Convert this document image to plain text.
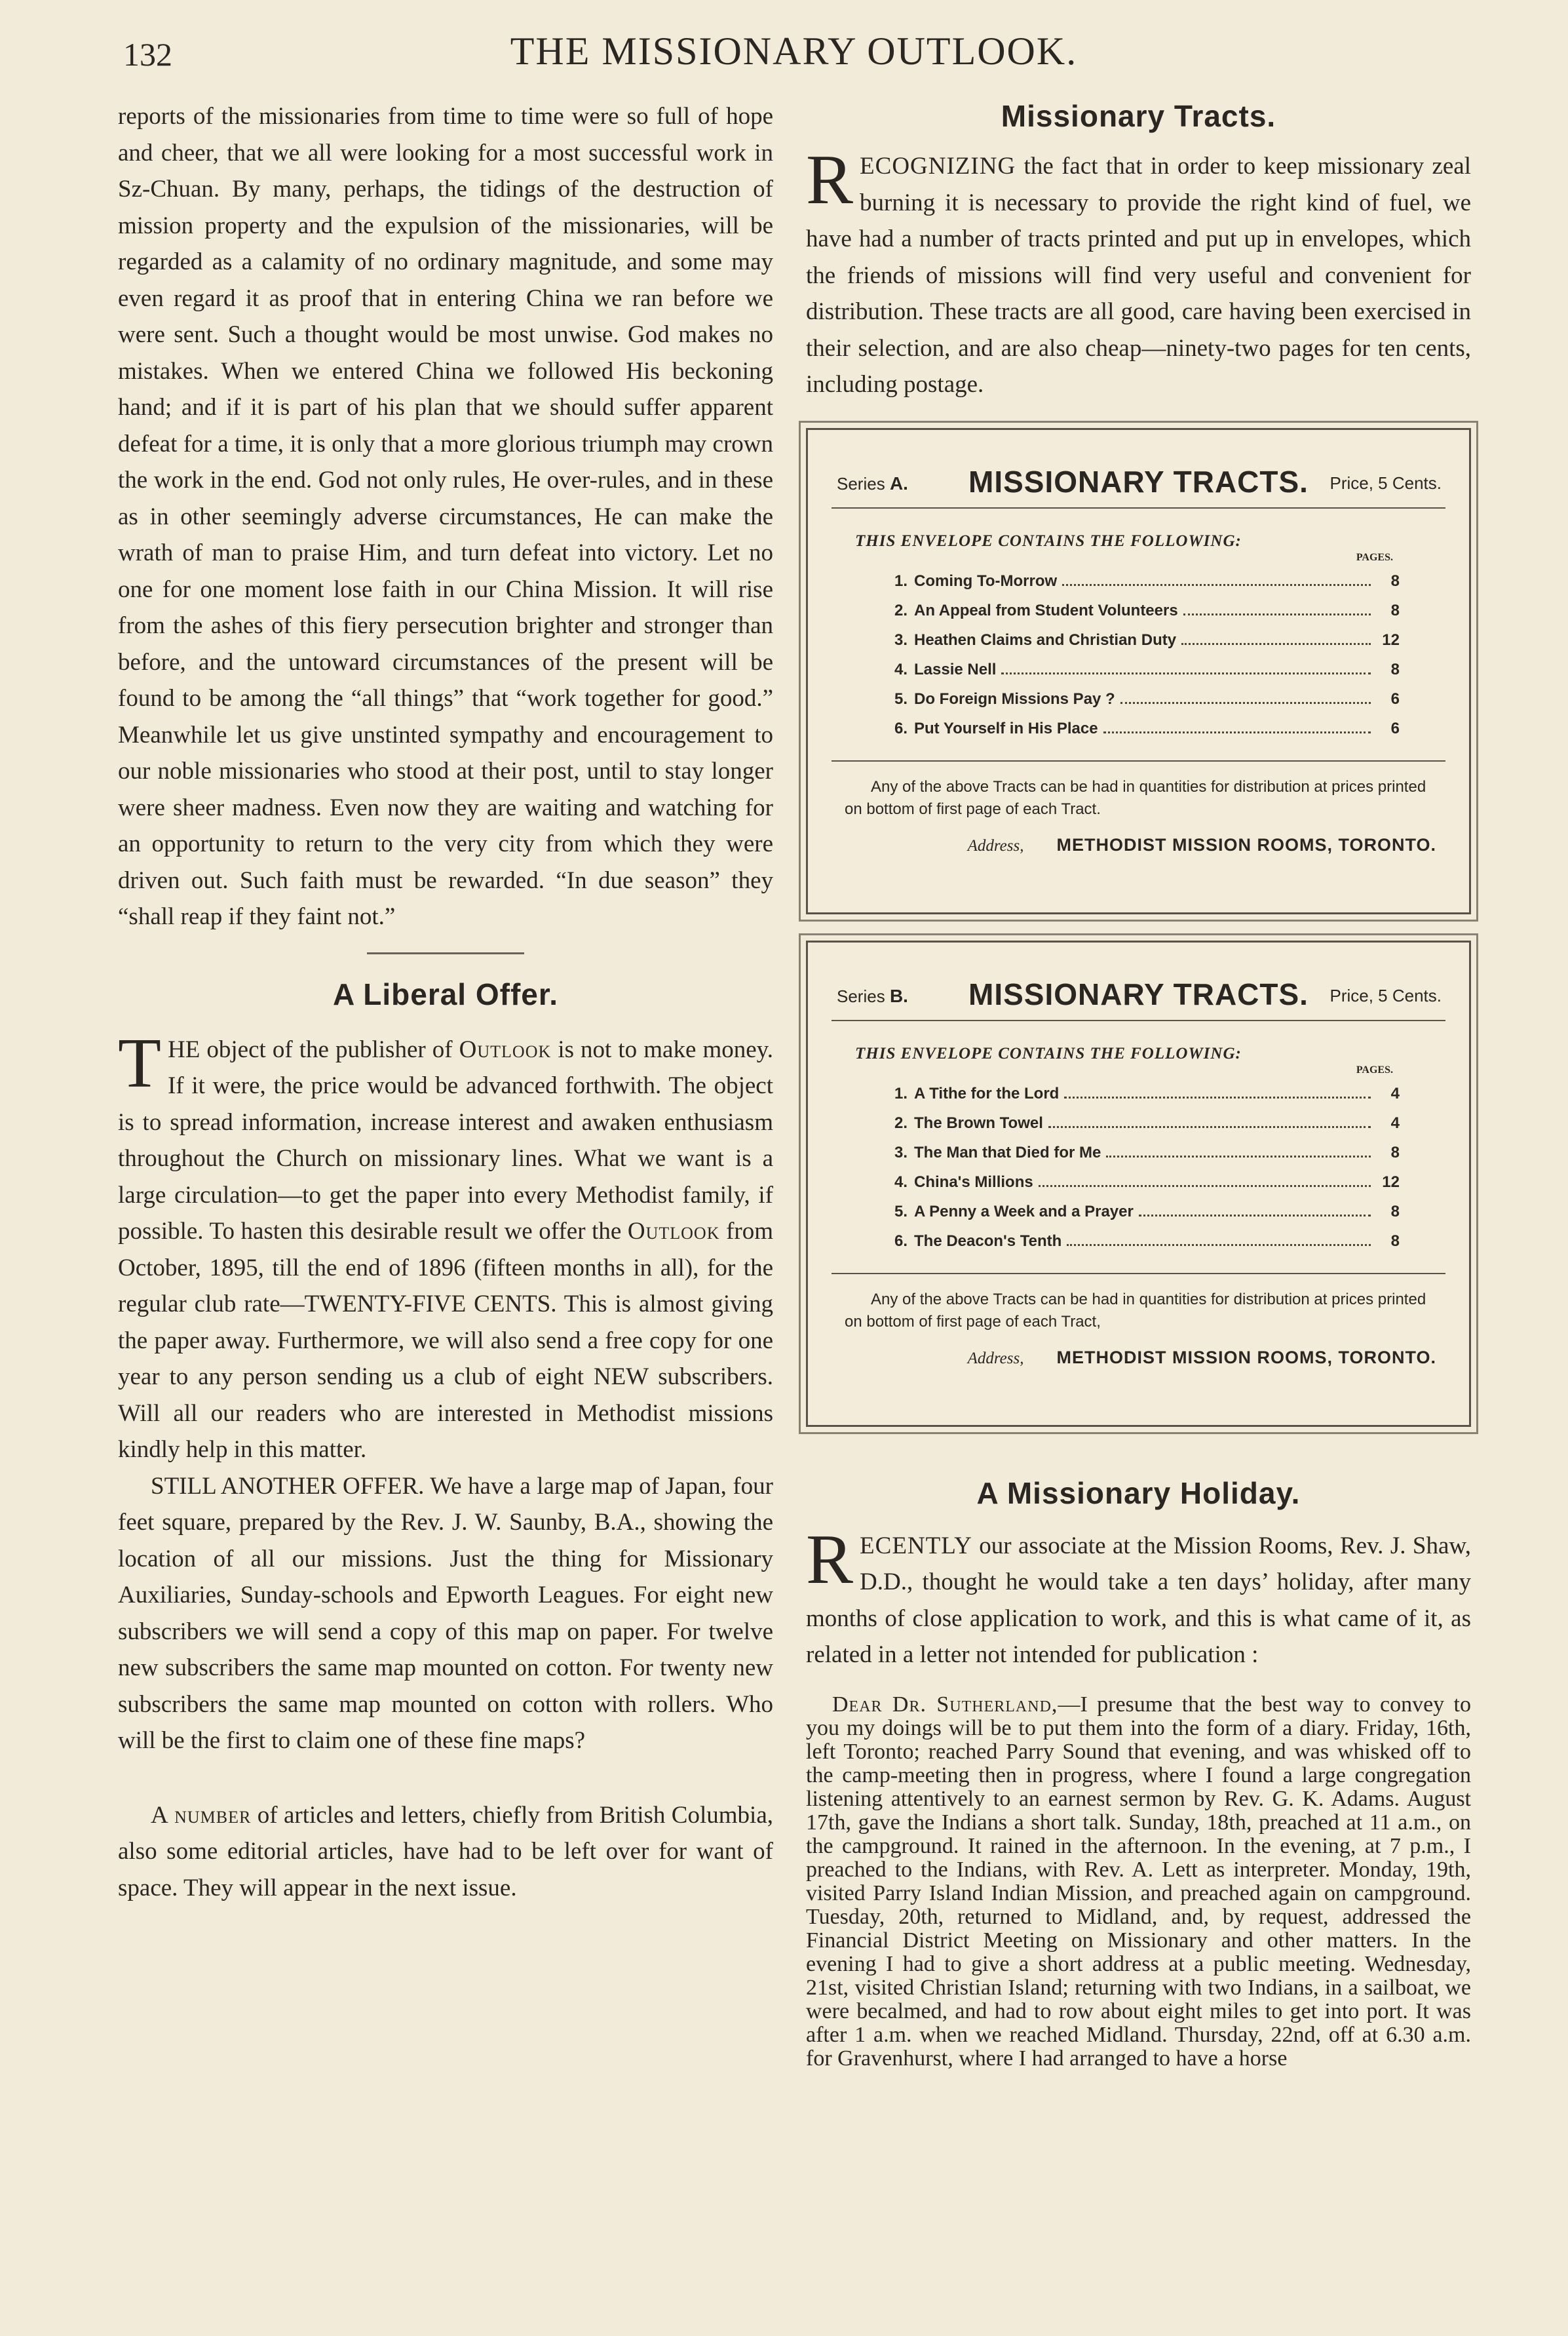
132	THE MISSIONARY OUTLOOK.

reports of the missionaries from time to time were so full of hope and cheer, that we all were looking for a most successful work in Sz-Chuan. By many, perhaps, the tidings of the destruction of mission property and the expulsion of the missionaries, will be regarded as a calamity of no ordinary magnitude, and some may even regard it as proof that in entering China we ran before we were sent. Such a thought would be most unwise. God makes no mistakes. When we entered China we followed His beckoning hand; and if it is part of his plan that we should suffer apparent defeat for a time, it is only that a more glorious triumph may crown the work in the end. God not only rules, He over-rules, and in these as in other seemingly adverse circumstances, He can make the wrath of man to praise Him, and turn defeat into victory. Let no one for one moment lose faith in our China Mission. It will rise from the ashes of this fiery persecution brighter and stronger than before, and the untoward circumstances of the present will be found to be among the “all things” that “work together for good.” Meanwhile let us give unstinted sympathy and encouragement to our noble missionaries who stood at their post, until to stay longer were sheer madness. Even now they are waiting and watching for an opportunity to return to the very city from which they were driven out. Such faith must be rewarded. “In due season” they “shall reap if they faint not.”

A Liberal Offer.

THE object of the publisher of Outlook is not to make money. If it were, the price would be advanced forthwith. The object is to spread information, increase interest and awaken enthusiasm throughout the Church on missionary lines. What we want is a large circulation—to get the paper into every Methodist family, if possible. To hasten this desirable result we offer the Outlook from October, 1895, till the end of 1896 (fifteen months in all), for the regular club rate—TWENTY-FIVE CENTS. This is almost giving the paper away. Furthermore, we will also send a free copy for one year to any person sending us a club of eight NEW subscribers. Will all our readers who are interested in Methodist missions kindly help in this matter.

STILL ANOTHER OFFER. We have a large map of Japan, four feet square, prepared by the Rev. J. W. Saunby, B.A., showing the location of all our missions. Just the thing for Missionary Auxiliaries, Sunday-schools and Epworth Leagues. For eight new subscribers we will send a copy of this map on paper. For twelve new subscribers the same map mounted on cotton. For twenty new subscribers the same map mounted on cotton with rollers. Who will be the first to claim one of these fine maps?

A number of articles and letters, chiefly from British Columbia, also some editorial articles, have had to be left over for want of space. They will appear in the next issue.

Missionary Tracts.

RECOGNIZING the fact that in order to keep missionary zeal burning it is necessary to provide the right kind of fuel, we have had a number of tracts printed and put up in envelopes, which the friends of missions will find very useful and convenient for distribution. These tracts are all good, care having been exercised in their selection, and are also cheap—ninety-two pages for ten cents, including postage.

Series A.	MISSIONARY TRACTS.	Price, 5 Cents.
THIS ENVELOPE CONTAINS THE FOLLOWING:
PAGES.
1. Coming To-Morrow	8
2. An Appeal from Student Volunteers	8
3. Heathen Claims and Christian Duty	12
4. Lassie Nell	8
5. Do Foreign Missions Pay ?	6
6. Put Yourself in His Place	6

Any of the above Tracts can be had in quantities for distribution at prices printed on bottom of first page of each Tract.

Address, METHODIST MISSION ROOMS, TORONTO.
Series B.	MISSIONARY TRACTS.	Price, 5 Cents.
THIS ENVELOPE CONTAINS THE FOLLOWING:
PAGES.
1. A Tithe for the Lord	4
2. The Brown Towel	4
3. The Man that Died for Me	8
4. China's Millions	12
5. A Penny a Week and a Prayer	8
6. The Deacon's Tenth	8

Any of the above Tracts can be had in quantities for distribution at prices printed on bottom of first page of each Tract,

Address, METHODIST MISSION ROOMS, TORONTO.
A Missionary Holiday.

RECENTLY our associate at the Mission Rooms, Rev. J. Shaw, D.D., thought he would take a ten days’ holiday, after many months of close application to work, and this is what came of it, as related in a letter not intended for publication :

Dear Dr. Sutherland,—I presume that the best way to convey to you my doings will be to put them into the form of a diary. Friday, 16th, left Toronto; reached Parry Sound that evening, and was whisked off to the camp-meeting then in progress, where I found a large congregation listening attentively to an earnest sermon by Rev. G. K. Adams. August 17th, gave the Indians a short talk. Sunday, 18th, preached at 11 a.m., on the campground. It rained in the afternoon. In the evening, at 7 p.m., I preached to the Indians, with Rev. A. Lett as interpreter. Monday, 19th, visited Parry Island Indian Mission, and preached again on campground. Tuesday, 20th, returned to Midland, and, by request, addressed the Financial District Meeting on Missionary and other matters. In the evening I had to give a short address at a public meeting. Wednesday, 21st, visited Christian Island; returning with two Indians, in a sailboat, we were becalmed, and had to row about eight miles to get into port. It was after 1 a.m. when we reached Midland. Thursday, 22nd, off at 6.30 a.m. for Gravenhurst, where I had arranged to have a horse
